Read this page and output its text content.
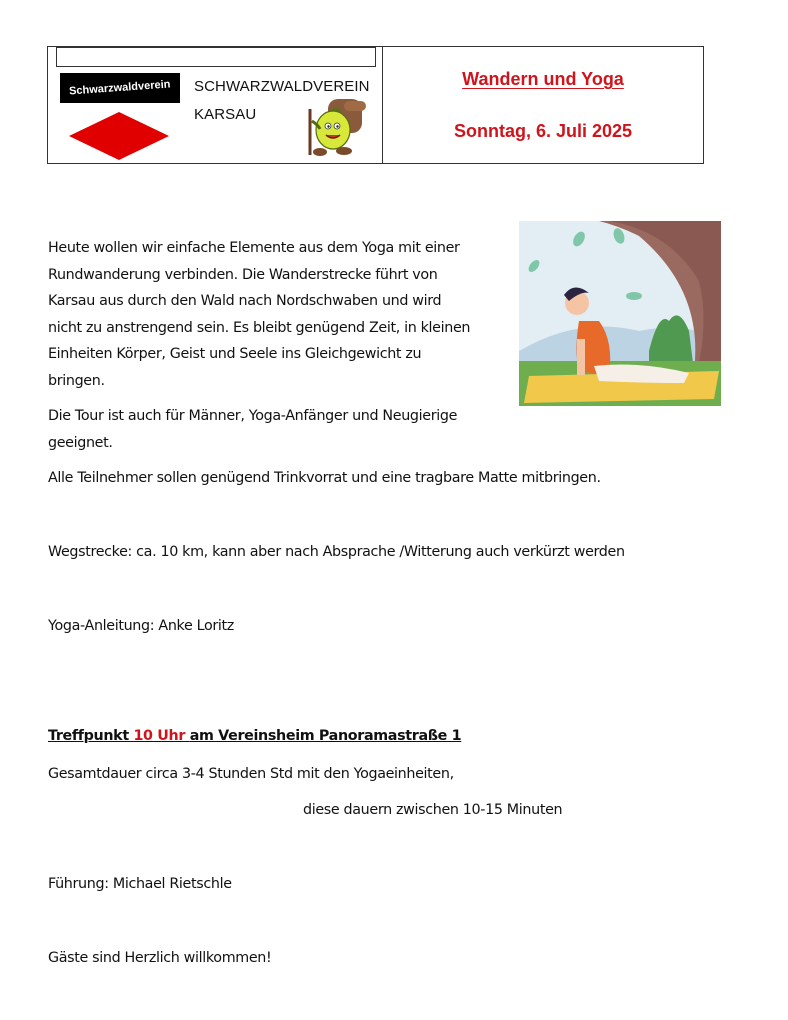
Schwarzwaldverein SCHWARZWALDVEREIN
KARSAU
Wandern und Yoga
Sonntag, 6. Juli 2025
Heute wollen wir einfache Elemente aus dem Yoga mit einer
Rundwanderung verbinden. Die Wanderstrecke führt von
Karsau aus durch den Wald nach Nordschwaben und wird
nicht zu anstrengend sein. Es bleibt genügend Zeit, in kleinen
Einheiten Körper, Geist und Seele ins Gleichgewicht zu
bringen.
Die Tour ist auch für Männer, Yoga-Anfänger und Neugierige
geeignet.
Alle Teilnehmer sollen genügend Trinkvorrat und eine tragbare Matte mitbringen.
Wegstrecke: ca. 10 km, kann aber nach Absprache /Witterung auch verkürzt werden
Yoga-Anleitung: Anke Loritz
Treffpunkt 10 Uhr am Vereinsheim Panoramastraße 1
Gesamtdauer circa 3-4 Stunden Std mit den Yogaeinheiten,
diese dauern zwischen 10-15 Minuten
Führung: Michael Rietschle
Gäste sind Herzlich willkommen!
